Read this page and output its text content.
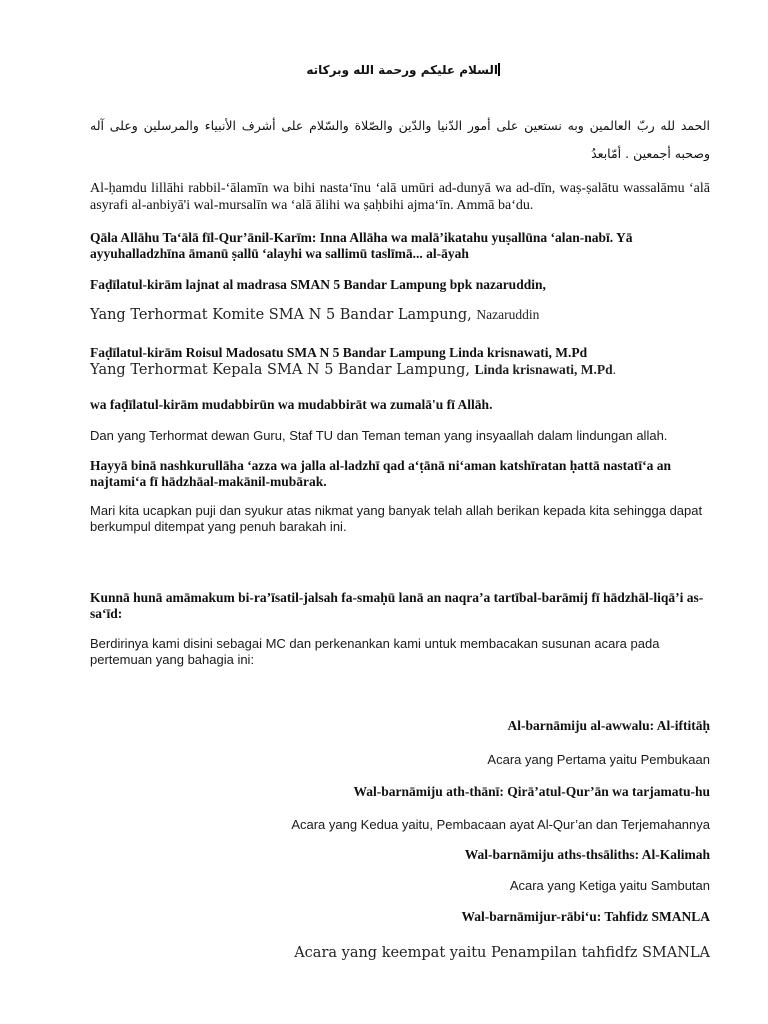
السلام عليكم ورحمة الله وبركاته

الحمد لله ربّ العالمين وبه نستعين على أمور الدّنيا والدّين والصّلاة والسّلام على أشرف الأنبياء والمرسلين وعلى آله وصحبه أجمعين . أمّابعدُ

Al-ḥamdu lillāhi rabbil-‘ālamīn wa bihi nasta‘īnu ‘alā umūri ad-dunyā wa ad-dīn, waṣ-ṣalātu wassalāmu ‘alā asyrafi al-anbiyā'i wal-mursalīn wa ‘alā ālihi wa ṣaḥbihi ajma‘īn. Ammā ba‘du.

Qāla Allāhu Ta‘ālā fīl-Qur’ānil-Karīm: Inna Allāha wa malā’ikatahu yuṣallūna ‘alan-nabī. Yā ayyuhalladzhīna āmanū ṣallū ‘alayhi wa sallimū taslīmā... al-āyah

Faḍīlatul-kirām lajnat al madrasa SMAN 5 Bandar Lampung bpk nazaruddin,

Yang Terhormat Komite SMA N 5 Bandar Lampung, Nazaruddin

Faḍīlatul-kirām Roisul Madosatu SMA N 5 Bandar Lampung Linda krisnawati, M.Pd

Yang Terhormat Kepala SMA N 5 Bandar Lampung, Linda krisnawati, M.Pd.

wa faḍīlatul-kirām mudabbirūn wa mudabbirāt wa zumalā'u fī Allāh.

Dan yang Terhormat dewan Guru, Staf TU dan Teman teman yang insyaallah dalam lindungan allah.

Hayyā binā nashkurullāha ‘azza wa jalla al-ladzhī qad a‘ṭānā ni‘aman katshīratan ḥattā nastatī‘a an najtami‘a fī hādzhāal-makānil-mubārak.

Mari kita ucapkan puji dan syukur atas nikmat yang banyak telah allah berikan kepada kita sehingga dapat berkumpul ditempat yang penuh barakah ini.

Kunnā hunā amāmakum bi-ra’īsatil-jalsah fa-smaḥū lanā an naqra’a tartībal-barāmij fī hādzhāl-liqā’i as-sa‘īd:

Berdirinya kami disini sebagai MC dan perkenankan kami untuk membacakan susunan acara pada pertemuan yang bahagia ini:

Al-barnāmiju al-awwalu: Al-iftitāḥ

Acara yang Pertama yaitu Pembukaan

Wal-barnāmiju ath-thānī: Qirā’atul-Qur’ān wa tarjamatu-hu

Acara yang Kedua yaitu, Pembacaan ayat Al-Qur’an dan Terjemahannya

Wal-barnāmiju aths-thsāliths: Al-Kalimah

Acara yang Ketiga yaitu Sambutan

Wal-barnāmijur-rābi‘u: Tahfidz SMANLA

Acara yang keempat yaitu Penampilan tahfidfz SMANLA
